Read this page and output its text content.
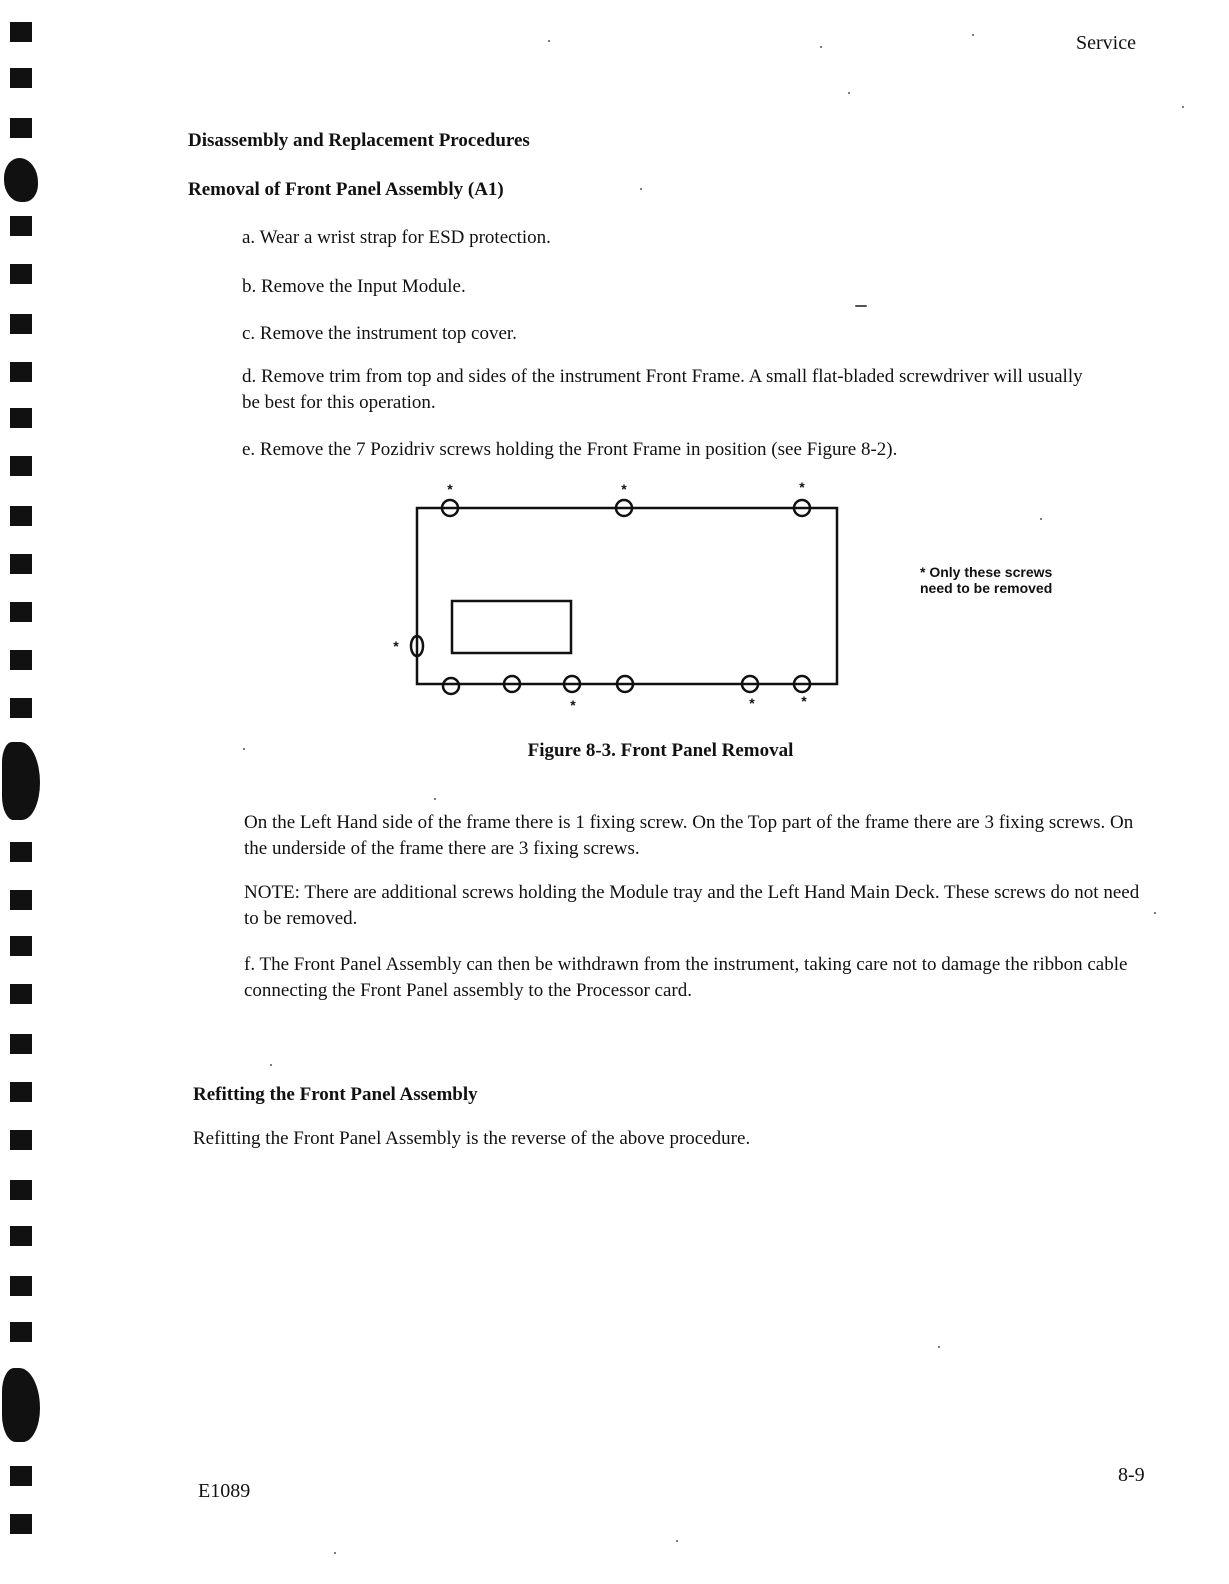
Service

Disassembly and Replacement Procedures

Removal of Front Panel Assembly (A1)

a. Wear a wrist strap for ESD protection.

b. Remove the Input Module.

c. Remove the instrument top cover.

d. Remove trim from top and sides of the instrument Front Frame. A small flat-bladed screwdriver will usually be best for this operation.

e. Remove the 7 Pozidriv screws holding the Front Frame in position (see Figure 8-2).

*	*	*
*
*	*	*
* Only these screws
need to be removed

Figure 8-3. Front Panel Removal

On the Left Hand side of the frame there is 1 fixing screw. On the Top part of the frame there are 3 fixing screws. On the underside of the frame there are 3 fixing screws.

NOTE: There are additional screws holding the Module tray and the Left Hand Main Deck. These screws do not need to be removed.

f. The Front Panel Assembly can then be withdrawn from the instrument, taking care not to damage the ribbon cable connecting the Front Panel assembly to the Processor card.

Refitting the Front Panel Assembly

Refitting the Front Panel Assembly is the reverse of the above procedure.

E1089

8-9
